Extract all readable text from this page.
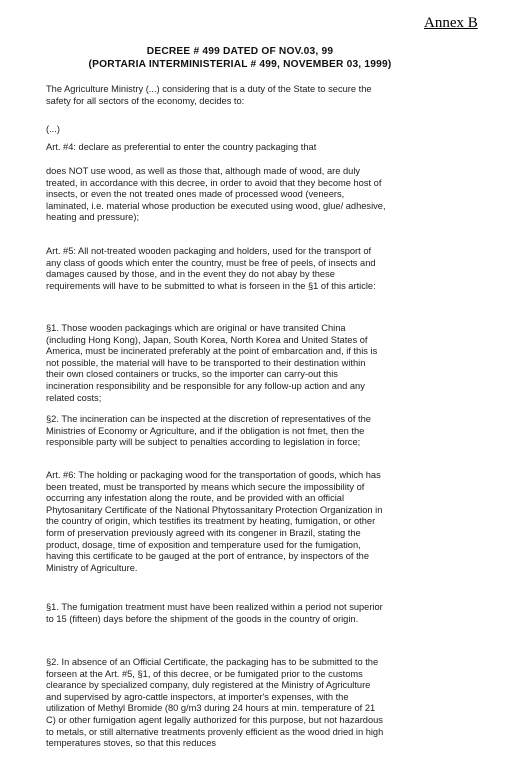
Annex B
DECREE # 499 DATED OF NOV.03, 99
(PORTARIA INTERMINISTERIAL # 499, NOVEMBER 03, 1999)
The Agriculture Ministry (...) considering that is a duty of the State to secure the safety for all sectors of the economy, decides to:
(...)
Art. #4: declare as preferential to enter the country packaging that
does NOT use wood, as well as those that, although made of wood, are duly treated, in accordance with this decree, in order to avoid that they become host of insects, or even the not treated ones made of processed wood (veneers, laminated, i.e. material whose production be executed using wood, glue/ adhesive, heating and pressure);
Art. #5: All not-treated wooden packaging and holders, used for the transport of any class of goods which enter the country, must be free of peels, of insects and damages caused by those, and in the event they do not abay by these requirements will have to be submitted to what is forseen in the §1 of this article:
§1. Those wooden packagings which are original or have transited China (including Hong Kong), Japan, South Korea, North Korea and United States of America, must be incinerated preferably at the point of embarcation and, if this is not possible, the material will have to be transported to their destination within their own closed containers or trucks, so the importer can carry-out this incineration responsibility and be responsible for any follow-up action and any related costs;
§2. The incineration can be inspected at the discretion of representatives of the Ministries of Economy or Agriculture, and if the obligation is not fmet, then the responsible party will be subject to penalties according to legislation in force;
Art. #6: The holding or packaging wood for the transportation of goods, which has been treated, must be transported by means which secure the impossibility of occurring any infestation along the route, and be provided with an official Phytosanitary Certificate of the National Phytossanitary Protection Organization in the country of origin, which testifies its treatment by heating, fumigation, or other form of preservation previously agreed with its congener in Brazil, stating the product, dosage, time of exposition and temperature used for the fumigation, having this certificate to be gauged at the port of entrance, by inspectors of the Ministry of Agriculture.
§1. The fumigation treatment must have been realized within a period not superior to 15 (fifteen) days before the shipment of the goods in the country of origin.
§2. In absence of an Official Certificate, the packaging has to be submitted to the forseen at the Art. #5, §1, of this decree, or be fumigated prior to the customs clearance by specialized company, duly registered at the Ministry of Agriculture and supervised by agro-cattle inspectors, at importer's expenses, with the utilization of Methyl Bromide (80 g/m3 during 24 hours at min. temperature of 21 C) or other fumigation agent legally authorized for this purpose, but not hazardous to metals, or still alternative treatments provenly efficient as the wood dried in high temperatures stoves, so that this reduces
